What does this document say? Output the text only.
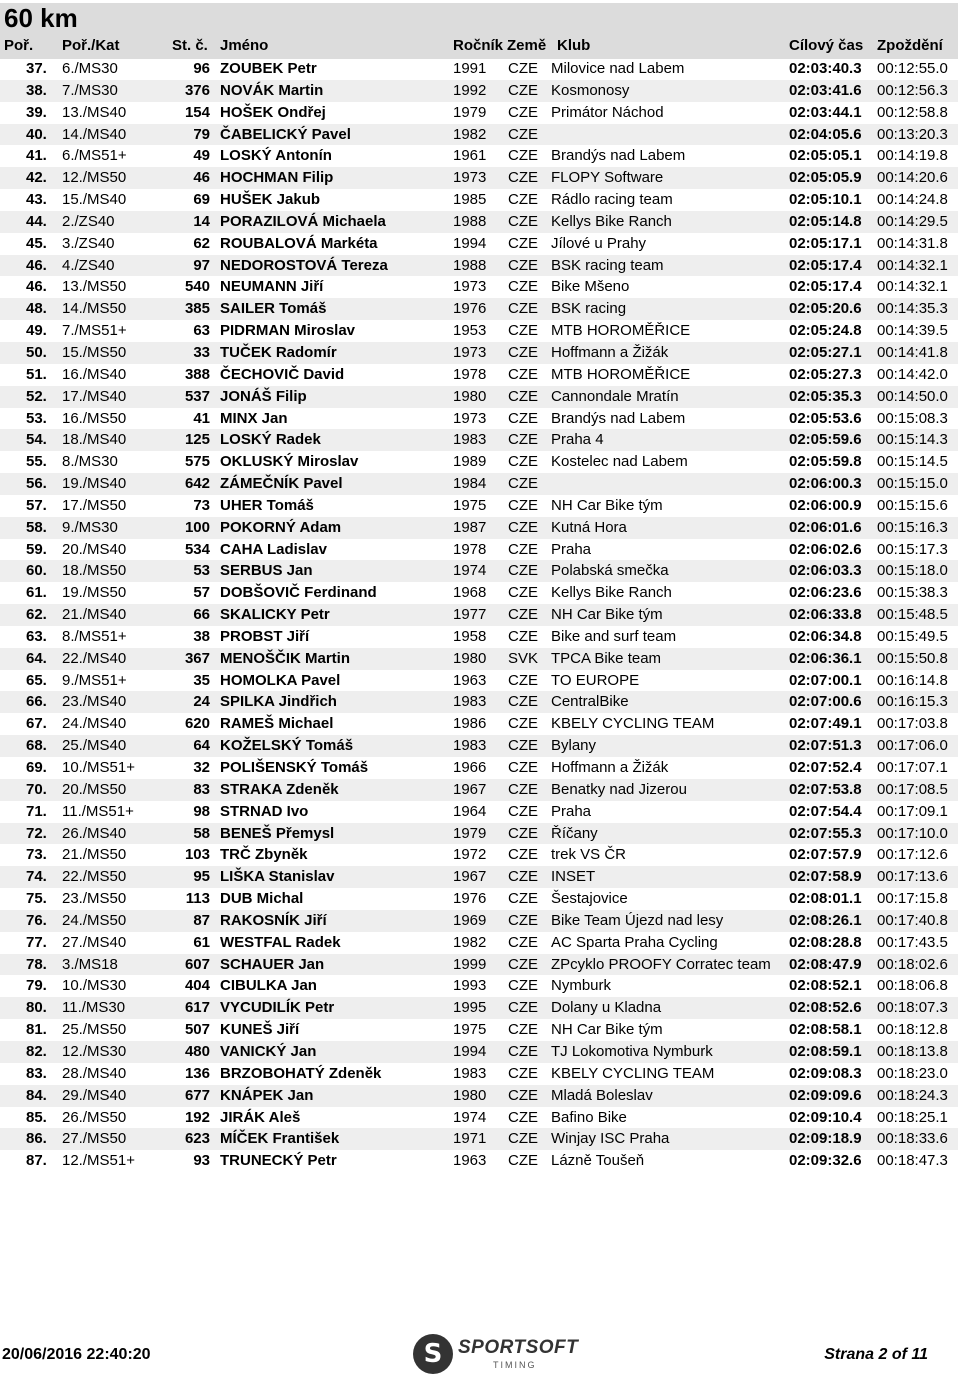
60 km
Poř. Poř./Kat	St. č. Jméno	Ročník Země Klub	Cílový čas Zpoždění
37. 6./MS30	96 ZOUBEK Petr	1991 CZE Milovice nad Labem	02:03:40.3 00:12:55.0
38. 7./MS30	376 NOVÁK Martin	1992 CZE Kosmonosy	02:03:41.6 00:12:56.3
39. 13./MS40	154 HOŠEK Ondřej	1979 CZE Primátor Náchod	02:03:44.1 00:12:58.8
40. 14./MS40	79 ČABELICKÝ Pavel	1982 CZE	02:04:05.6 00:13:20.3
41. 6./MS51+	49 LOSKÝ Antonín	1961 CZE Brandýs nad Labem	02:05:05.1 00:14:19.8
42. 12./MS50	46 HOCHMAN Filip	1973 CZE FLOPY Software	02:05:05.9 00:14:20.6
43. 15./MS40	69 HUŠEK Jakub	1985 CZE Rádlo racing team	02:05:10.1 00:14:24.8
44. 2./ZS40	14 PORAZILOVÁ Michaela	1988 CZE Kellys Bike Ranch	02:05:14.8 00:14:29.5
45. 3./ZS40	62 ROUBALOVÁ Markéta	1994 CZE Jílové u Prahy	02:05:17.1 00:14:31.8
46. 4./ZS40	97 NEDOROSTOVÁ Tereza	1988 CZE BSK racing team	02:05:17.4 00:14:32.1
46. 13./MS50	540 NEUMANN Jiří	1973 CZE Bike Mšeno	02:05:17.4 00:14:32.1
48. 14./MS50	385 SAILER Tomáš	1976 CZE BSK racing	02:05:20.6 00:14:35.3
49. 7./MS51+	63 PIDRMAN Miroslav	1953 CZE MTB HOROMĚŘICE	02:05:24.8 00:14:39.5
50. 15./MS50	33 TUČEK Radomír	1973 CZE Hoffmann a Žižák	02:05:27.1 00:14:41.8
51. 16./MS40	388 ČECHOVIČ David	1978 CZE MTB HOROMĚŘICE	02:05:27.3 00:14:42.0
52. 17./MS40	537 JONÁŠ Filip	1980 CZE Cannondale Mratín	02:05:35.3 00:14:50.0
53. 16./MS50	41 MINX Jan	1973 CZE Brandýs nad Labem	02:05:53.6 00:15:08.3
54. 18./MS40	125 LOSKÝ Radek	1983 CZE Praha 4	02:05:59.6 00:15:14.3
55. 8./MS30	575 OKLUSKÝ Miroslav	1989 CZE Kostelec nad Labem	02:05:59.8 00:15:14.5
56. 19./MS40	642 ZÁMEČNÍK Pavel	1984 CZE	02:06:00.3 00:15:15.0
57. 17./MS50	73 UHER Tomáš	1975 CZE NH Car Bike tým	02:06:00.9 00:15:15.6
58. 9./MS30	100 POKORNÝ Adam	1987 CZE Kutná Hora	02:06:01.6 00:15:16.3
59. 20./MS40	534 CAHA Ladislav	1978 CZE Praha	02:06:02.6 00:15:17.3
60. 18./MS50	53 SERBUS Jan	1974 CZE Polabská smečka	02:06:03.3 00:15:18.0
61. 19./MS50	57 DOBŠOVIČ Ferdinand	1968 CZE Kellys Bike Ranch	02:06:23.6 00:15:38.3
62. 21./MS40	66 SKALICKY Petr	1977 CZE NH Car Bike tým	02:06:33.8 00:15:48.5
63. 8./MS51+	38 PROBST Jiří	1958 CZE Bike and surf team	02:06:34.8 00:15:49.5
64. 22./MS40	367 MENOŠČIK Martin	1980 SVK TPCA Bike team	02:06:36.1 00:15:50.8
65. 9./MS51+	35 HOMOLKA Pavel	1963 CZE TO EUROPE	02:07:00.1 00:16:14.8
66. 23./MS40	24 SPILKA Jindřich	1983 CZE CentralBike	02:07:00.6 00:16:15.3
67. 24./MS40	620 RAMEŠ Michael	1986 CZE KBELY CYCLING TEAM	02:07:49.1 00:17:03.8
68. 25./MS40	64 KOŽELSKÝ Tomáš	1983 CZE Bylany	02:07:51.3 00:17:06.0
69. 10./MS51+	32 POLIŠENSKÝ Tomáš	1966 CZE Hoffmann a Žižák	02:07:52.4 00:17:07.1
70. 20./MS50	83 STRAKA Zdeněk	1967 CZE Benatky nad Jizerou	02:07:53.8 00:17:08.5
71. 11./MS51+	98 STRNAD Ivo	1964 CZE Praha	02:07:54.4 00:17:09.1
72. 26./MS40	58 BENEŠ Přemysl	1979 CZE Říčany	02:07:55.3 00:17:10.0
73. 21./MS50	103 TRČ Zbyněk	1972 CZE trek VS ČR	02:07:57.9 00:17:12.6
74. 22./MS50	95 LIŠKA Stanislav	1967 CZE INSET	02:07:58.9 00:17:13.6
75. 23./MS50	113 DUB Michal	1976 CZE Šestajovice	02:08:01.1 00:17:15.8
76. 24./MS50	87 RAKOSNÍK Jiří	1969 CZE Bike Team Újezd nad lesy	02:08:26.1 00:17:40.8
77. 27./MS40	61 WESTFAL Radek	1982 CZE AC Sparta Praha Cycling	02:08:28.8 00:17:43.5
78. 3./MS18	607 SCHAUER Jan	1999 CZE ZPcyklo PROOFY Corratec team 02:08:47.9 00:18:02.6
79. 10./MS30	404 CIBULKA Jan	1993 CZE Nymburk	02:08:52.1 00:18:06.8
80. 11./MS30	617 VYCUDILÍK Petr	1995 CZE Dolany u Kladna	02:08:52.6 00:18:07.3
81. 25./MS50	507 KUNEŠ Jiří	1975 CZE NH Car Bike tým	02:08:58.1 00:18:12.8
82. 12./MS30	480 VANICKÝ Jan	1994 CZE TJ Lokomotiva Nymburk	02:08:59.1 00:18:13.8
83. 28./MS40	136 BRZOBOHATÝ Zdeněk	1983 CZE KBELY CYCLING TEAM	02:09:08.3 00:18:23.0
84. 29./MS40	677 KNÁPEK Jan	1980 CZE Mladá Boleslav	02:09:09.6 00:18:24.3
85. 26./MS50	192 JIRÁK Aleš	1974 CZE Bafino Bike	02:09:10.4 00:18:25.1
86. 27./MS50	623 MÍČEK František	1971 CZE Winjay ISC Praha	02:09:18.9 00:18:33.6
87. 12./MS51+	93 TRUNECKÝ Petr	1963 CZE Lázně Toušeň	02:09:32.6 00:18:47.3
20/06/2016 22:40:20
S	SPORTSOFT
TIMING
Strana 2 of 11
